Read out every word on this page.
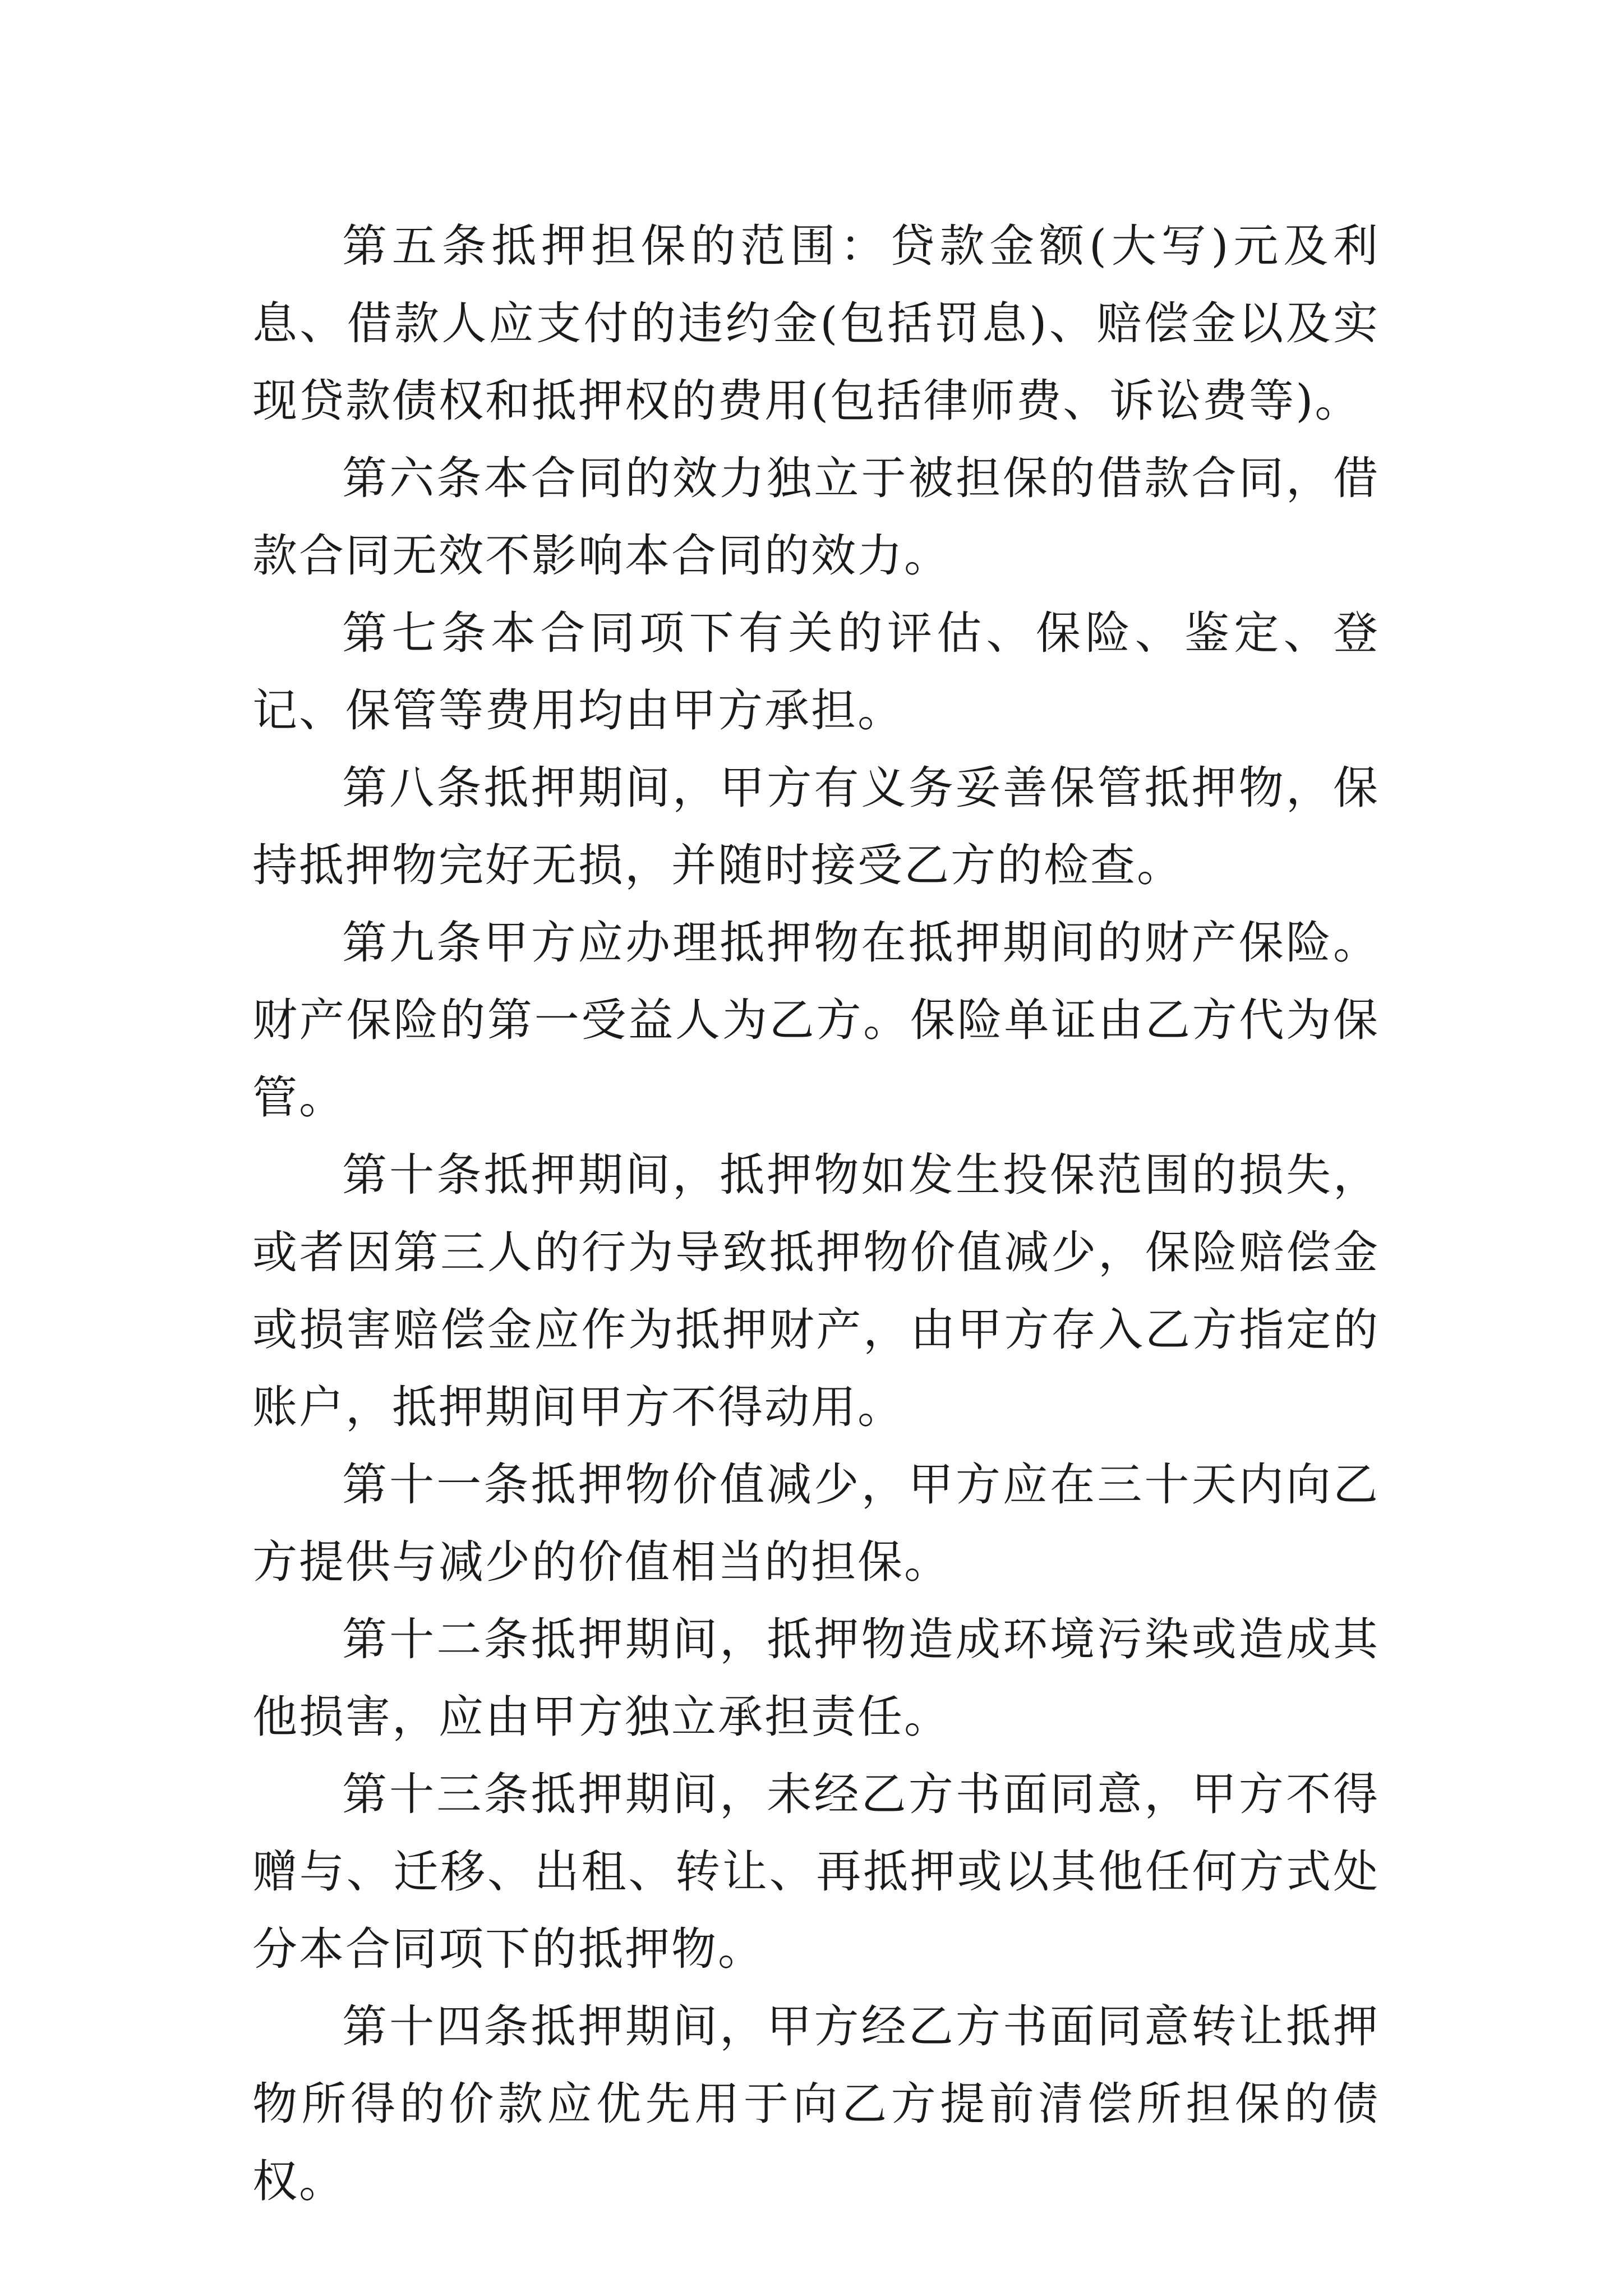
第五条抵押担保的范围：贷款金额(大写)元及利息、借款人应支付的违约金(包括罚息)、赔偿金以及实现贷款债权和抵押权的费用(包括律师费、诉讼费等)。

第六条本合同的效力独立于被担保的借款合同，借款合同无效不影响本合同的效力。

第七条本合同项下有关的评估、保险、鉴定、登记、保管等费用均由甲方承担。

第八条抵押期间，甲方有义务妥善保管抵押物，保持抵押物完好无损，并随时接受乙方的检查。

第九条甲方应办理抵押物在抵押期间的财产保险。财产保险的第一受益人为乙方。保险单证由乙方代为保管。

第十条抵押期间，抵押物如发生投保范围的损失，或者因第三人的行为导致抵押物价值减少，保险赔偿金或损害赔偿金应作为抵押财产，由甲方存入乙方指定的账户，抵押期间甲方不得动用。

第十一条抵押物价值减少，甲方应在三十天内向乙方提供与减少的价值相当的担保。

第十二条抵押期间，抵押物造成环境污染或造成其他损害，应由甲方独立承担责任。

第十三条抵押期间，未经乙方书面同意，甲方不得赠与、迁移、出租、转让、再抵押或以其他任何方式处分本合同项下的抵押物。

第十四条抵押期间，甲方经乙方书面同意转让抵押物所得的价款应优先用于向乙方提前清偿所担保的债权。
